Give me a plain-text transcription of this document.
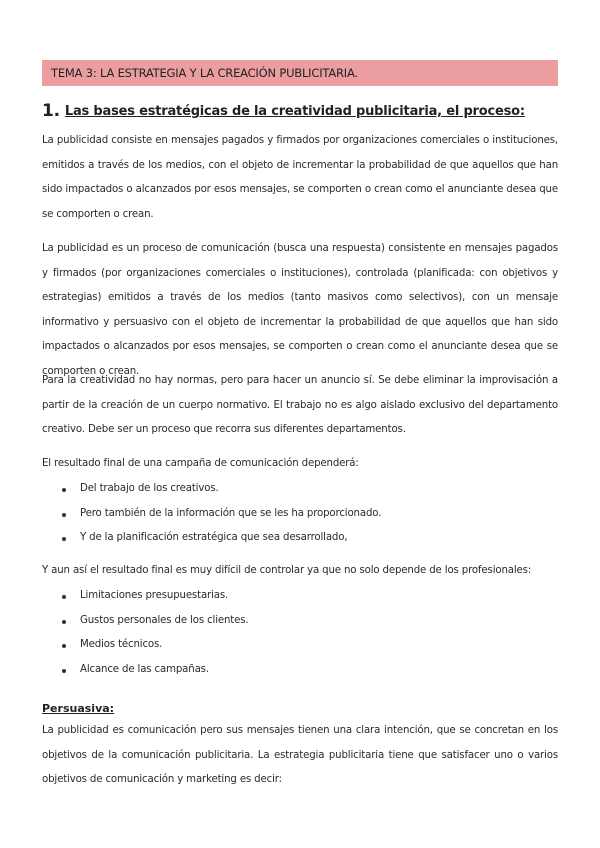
TEMA 3: LA ESTRATEGIA Y LA CREACIÓN PUBLICITARIA.
1. Las bases estratégicas de la creatividad publicitaria, el proceso:
La publicidad consiste en mensajes pagados y firmados por organizaciones comerciales o instituciones, emitidos a través de los medios, con el objeto de incrementar la probabilidad de que aquellos que han sido impactados o alcanzados por esos mensajes, se comporten o crean como el anunciante desea que se comporten o crean.
La publicidad es un proceso de comunicación (busca una respuesta) consistente en mensajes pagados y firmados (por organizaciones comerciales o instituciones), controlada (planificada: con objetivos y estrategias) emitidos a través de los medios (tanto masivos como selectivos), con un mensaje informativo y persuasivo con el objeto de incrementar la probabilidad de que aquellos que han sido impactados o alcanzados por esos mensajes, se comporten o crean como el anunciante desea que se comporten o crean.
Para la creatividad no hay normas, pero para hacer un anuncio sí. Se debe eliminar la improvisación a partir de la creación de un cuerpo normativo. El trabajo no es algo aislado exclusivo del departamento creativo. Debe ser un proceso que recorra sus diferentes departamentos.
El resultado final de una campaña de comunicación dependerá:
Del trabajo de los creativos.
Pero también de la información que se les ha proporcionado.
Y de la planificación estratégica que sea desarrollado,
Y aun así el resultado final es muy difícil de controlar ya que no solo depende de los profesionales:
Limitaciones presupuestarias.
Gustos personales de los clientes.
Medios técnicos.
Alcance de las campañas.
Persuasiva:
La publicidad es comunicación pero sus mensajes tienen una clara intención, que se concretan en los objetivos de la comunicación publicitaria. La estrategia publicitaria tiene que satisfacer uno o varios objetivos de comunicación y marketing es decir:
